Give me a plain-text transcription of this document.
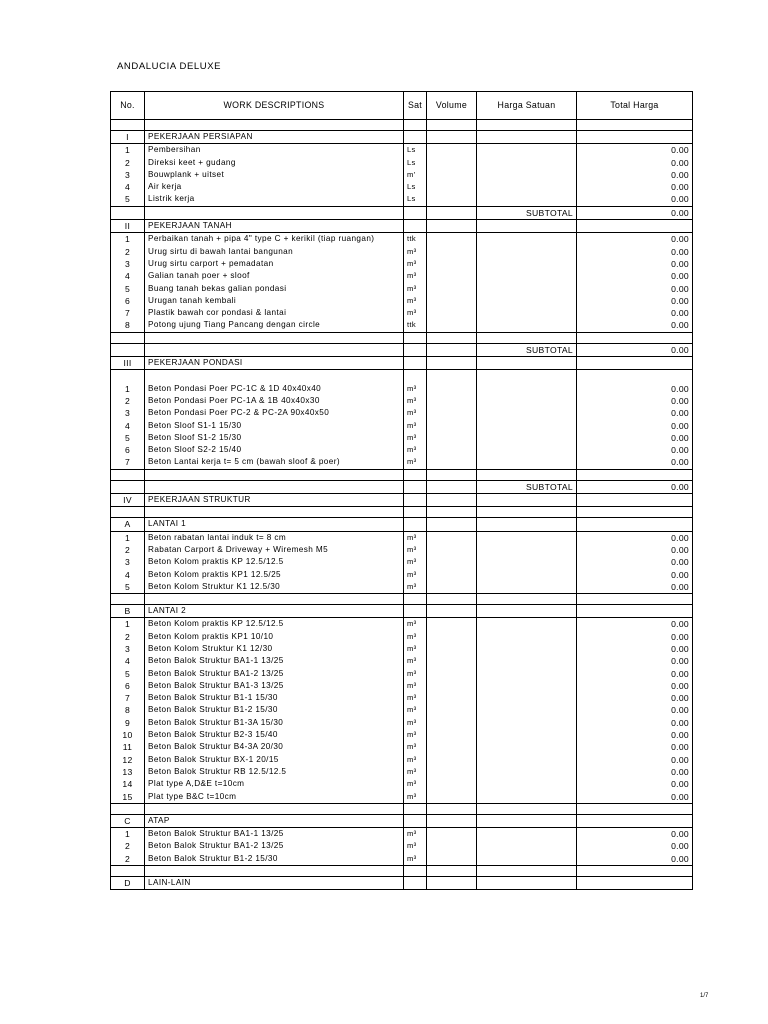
ANDALUCIA DELUXE
No.	WORK DESCRIPTIONS	Sat	Volume	Harga Satuan	Total Harga

I	PEKERJAAN PERSIAPAN				
1	Pembersihan	Ls			0.00
2	Direksi keet + gudang	Ls			0.00
3	Bouwplank + uitset	m'			0.00
4	Air kerja	Ls			0.00
5	Listrik kerja	Ls			0.00
				SUBTOTAL	0.00
II	PEKERJAAN TANAH				
1	Perbaikan tanah + pipa 4" type C + kerikil (tiap ruangan)	ttk			0.00
2	Urug sirtu di bawah lantai bangunan	m³			0.00
3	Urug sirtu carport + pemadatan	m³			0.00
4	Galian tanah poer + sloof	m³			0.00
5	Buang tanah bekas galian pondasi	m³			0.00
6	Urugan tanah kembali	m³			0.00
7	Plastik bawah cor pondasi & lantai	m³			0.00
8	Potong ujung Tiang Pancang dengan circle	ttk			0.00

				SUBTOTAL	0.00
III	PEKERJAAN PONDASI				

1	Beton Pondasi Poer PC-1C & 1D 40x40x40	m³			0.00
2	Beton Pondasi Poer PC-1A & 1B 40x40x30	m³			0.00
3	Beton Pondasi Poer PC-2 & PC-2A 90x40x50	m³			0.00
4	Beton Sloof S1-1 15/30	m³			0.00
5	Beton Sloof S1-2 15/30	m³			0.00
6	Beton Sloof S2-2 15/40	m³			0.00
7	Beton Lantai kerja t= 5 cm (bawah sloof & poer)	m³			0.00

				SUBTOTAL	0.00
IV	PEKERJAAN STRUKTUR				

A	LANTAI 1				
1	Beton rabatan lantai induk t= 8 cm	m³			0.00
2	Rabatan Carport & Driveway + Wiremesh M5	m³			0.00
3	Beton Kolom praktis KP 12.5/12.5	m³			0.00
4	Beton Kolom praktis KP1 12.5/25	m³			0.00
5	Beton Kolom Struktur K1 12.5/30	m³			0.00

B	LANTAI 2				
1	Beton Kolom praktis KP 12.5/12.5	m³			0.00
2	Beton Kolom praktis KP1 10/10	m³			0.00
3	Beton Kolom Struktur K1 12/30	m³			0.00
4	Beton Balok Struktur BA1-1 13/25	m³			0.00
5	Beton Balok Struktur BA1-2 13/25	m³			0.00
6	Beton Balok Struktur BA1-3 13/25	m³			0.00
7	Beton Balok Struktur B1-1 15/30	m³			0.00
8	Beton Balok Struktur B1-2 15/30	m³			0.00
9	Beton Balok Struktur B1-3A 15/30	m³			0.00
10	Beton Balok Struktur B2-3 15/40	m³			0.00
11	Beton Balok Struktur B4-3A 20/30	m³			0.00
12	Beton Balok Struktur BX-1 20/15	m³			0.00
13	Beton Balok Struktur RB 12.5/12.5	m³			0.00
14	Plat type A,D&E t=10cm	m³			0.00
15	Plat type B&C t=10cm	m³			0.00

C	ATAP				
1	Beton Balok Struktur BA1-1 13/25	m³			0.00
2	Beton Balok Struktur BA1-2 13/25	m³			0.00
2	Beton Balok Struktur B1-2 15/30	m³			0.00

D	LAIN-LAIN				
1/7
